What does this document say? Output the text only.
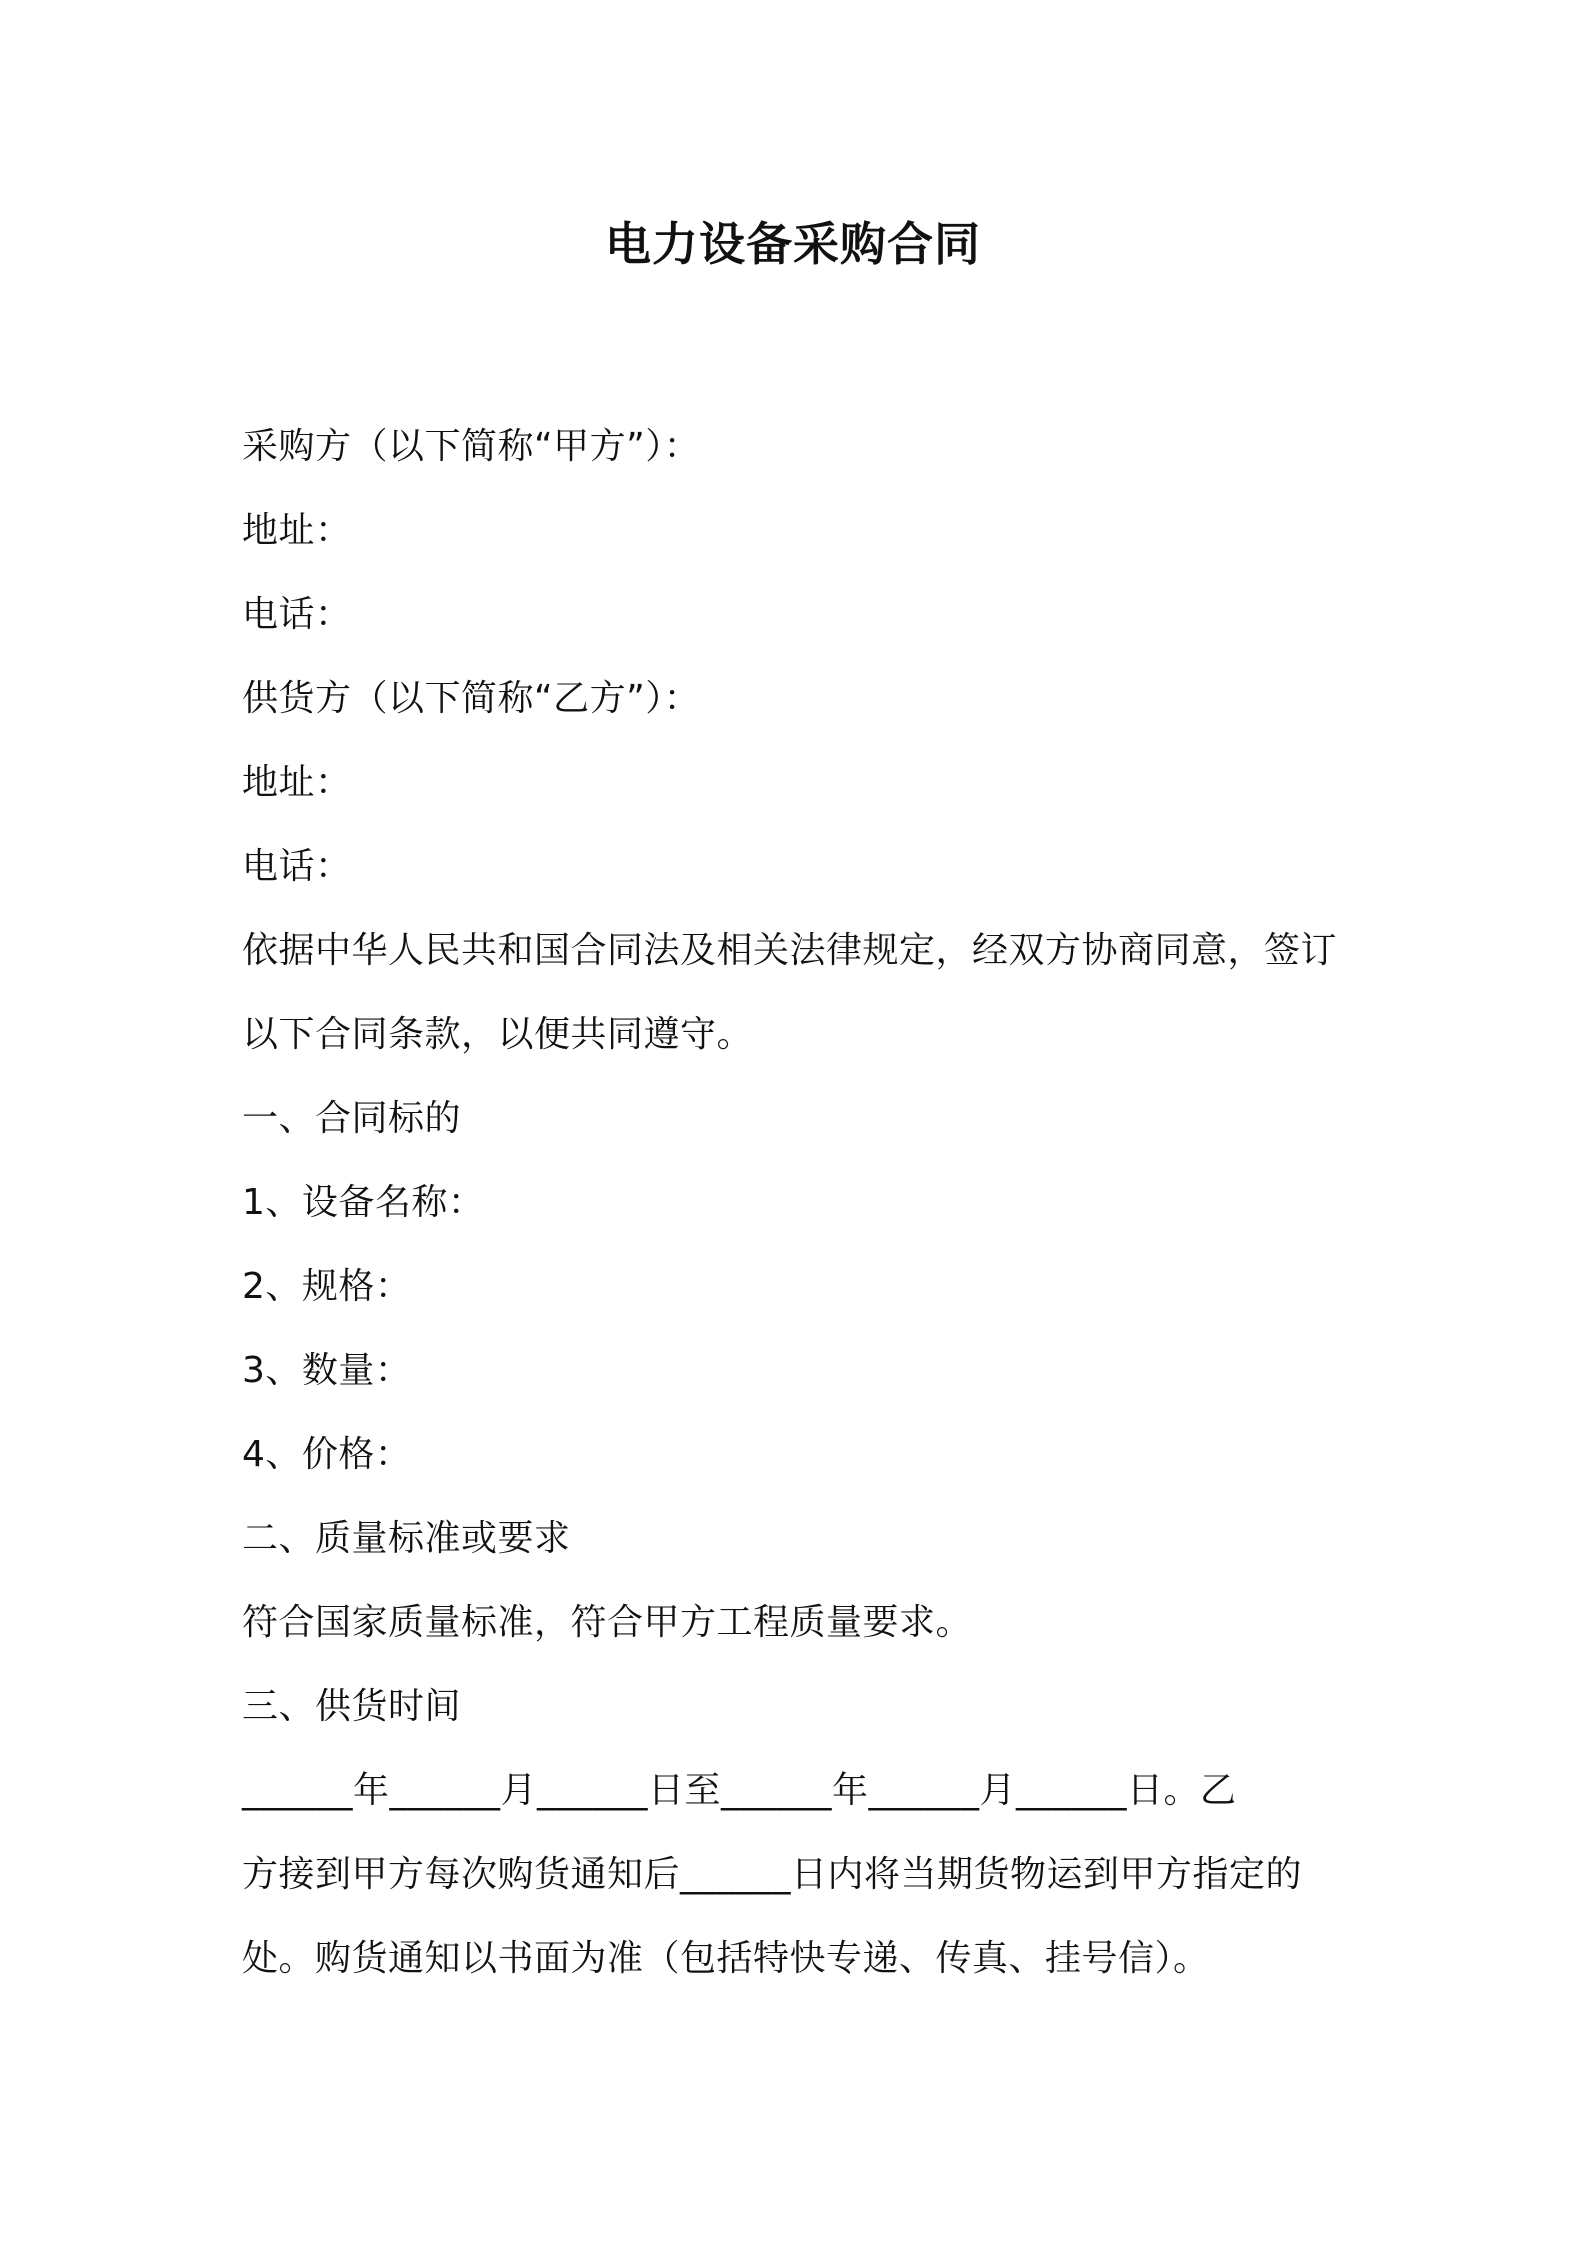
电力设备采购合同
采购方（以下简称“甲方”）：
地址：
电话：
供货方（以下简称“乙方”）：
地址：
电话：
依据中华人民共和国合同法及相关法律规定，经双方协商同意，签订
以下合同条款，以便共同遵守。
一、合同标的
1、设备名称：
2、规格：
3、数量：
4、价格：
二、质量标准或要求
符合国家质量标准，符合甲方工程质量要求。
三、供货时间
______年______月______日至______年______月______日。乙
方接到甲方每次购货通知后______日内将当期货物运到甲方指定的
处。购货通知以书面为准（包括特快专递、传真、挂号信）。
